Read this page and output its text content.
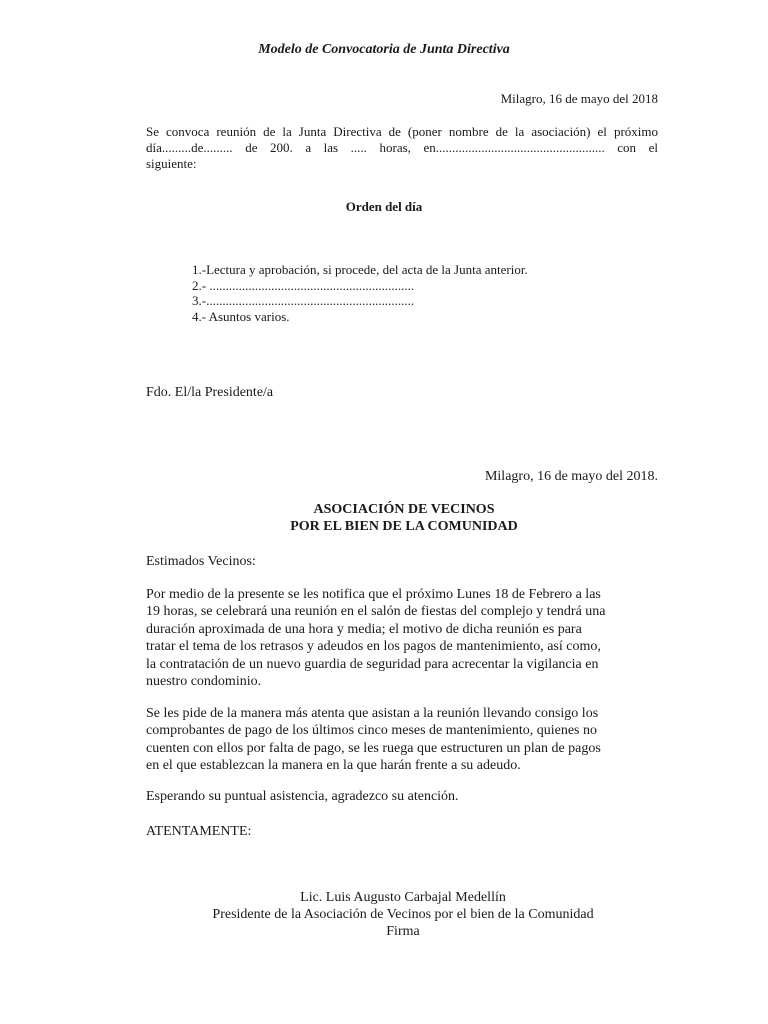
Modelo de Convocatoria de Junta Directiva

Milagro, 16 de mayo del 2018

Se convoca reunión de la Junta Directiva de (poner nombre de la asociación) el próximo
día.........de......... de 200. a las ..... horas, en.................................................... con el
siguiente:

Orden del día

1.-Lectura y aprobación, si procede, del acta de la Junta anterior.
2.- ...............................................................
3.-................................................................
4.- Asuntos varios.

Fdo. El/la Presidente/a

Milagro, 16 de mayo del 2018.

ASOCIACIÓN DE VECINOS

POR EL BIEN DE LA COMUNIDAD

Estimados Vecinos:

Por medio de la presente se les notifica que el próximo Lunes 18 de Febrero a las
19 horas, se celebrará una reunión en el salón de fiestas del complejo y tendrá una
duración aproximada de una hora y media; el motivo de dicha reunión es para
tratar el tema de los retrasos y adeudos en los pagos de mantenimiento, así como,
la contratación de un nuevo guardia de seguridad para acrecentar la vigilancia en
nuestro condominio.
Se les pide de la manera más atenta que asistan a la reunión llevando consigo los
comprobantes de pago de los últimos cinco meses de mantenimiento, quienes no
cuenten con ellos por falta de pago, se les ruega que estructuren un plan de pagos
en el que establezcan la manera en la que harán frente a su adeudo.

Esperando su puntual asistencia, agradezco su atención.

ATENTAMENTE:

Lic. Luis Augusto Carbajal Medellín

Presidente de la Asociación de Vecinos por el bien de la Comunidad

Firma
